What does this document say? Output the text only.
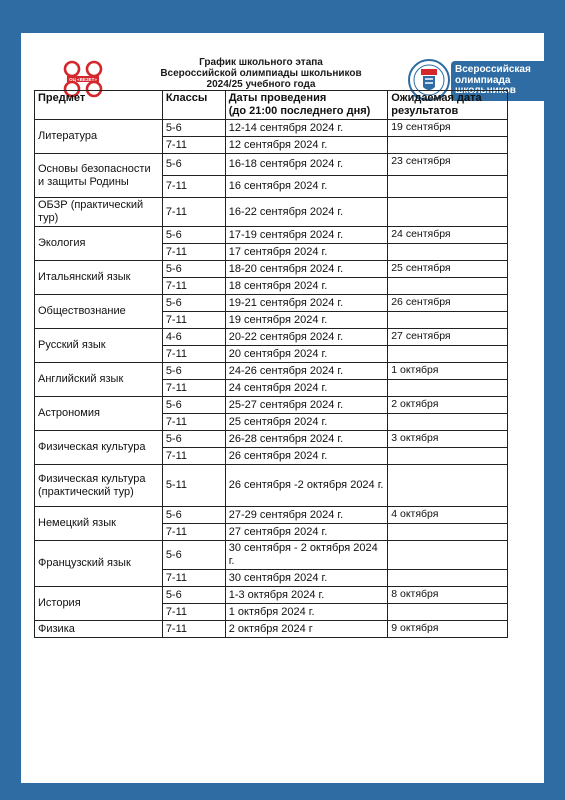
ОЦ «ВЕЗЕТ»
График школьного этапа
Всероссийской олимпиады школьников
2024/25 учебного года
Всероссийская
олимпиада
школьников
Предмет	Классы	Даты проведения
(до 21:00 последнего дня)	Ожидаемая дата результатов
Литература	5-6	12-14 сентября 2024 г.	19 сентября
	7-11	12 сентября 2024 г.	
Основы безопасности и защиты Родины	5-6	16-18 сентября 2024 г.	23 сентября
	7-11	16 сентября 2024 г.	
ОБЗР (практический тур)	7-11	16-22 сентября 2024 г.	
Экология	5-6	17-19 сентября 2024 г.	24 сентября
	7-11	17 сентября 2024 г.	
Итальянский язык	5-6	18-20 сентября 2024 г.	25 сентября
	7-11	18 сентября 2024 г.	
Обществознание	5-6	19-21 сентября 2024 г.	26 сентября
	7-11	19 сентября 2024 г.	
Русский язык	4-6	20-22 сентября 2024 г.	27 сентября
	7-11	20 сентября 2024 г.	
Английский язык	5-6	24-26 сентября 2024 г.	1 октября
	7-11	24 сентября 2024 г.	
Астрономия	5-6	25-27 сентября 2024 г.	2 октября
	7-11	25 сентября 2024 г.	
Физическая культура	5-6	26-28 сентября 2024 г.	3 октября
	7-11	26 сентября 2024 г.	
Физическая культура (практический тур)	5-11	26 сентября -2 октября 2024 г.	
Немецкий язык	5-6	27-29 сентября 2024 г.	4 октября
	7-11	27 сентября 2024 г.	
Французский язык	5-6	30 сентября - 2 октября 2024 г.	
	7-11	30 сентября 2024 г.	
История	5-6	1-3 октября 2024 г.	8 октября
	7-11	1 октября 2024 г.	
Физика	7-11	2 октября 2024 г	9 октября
